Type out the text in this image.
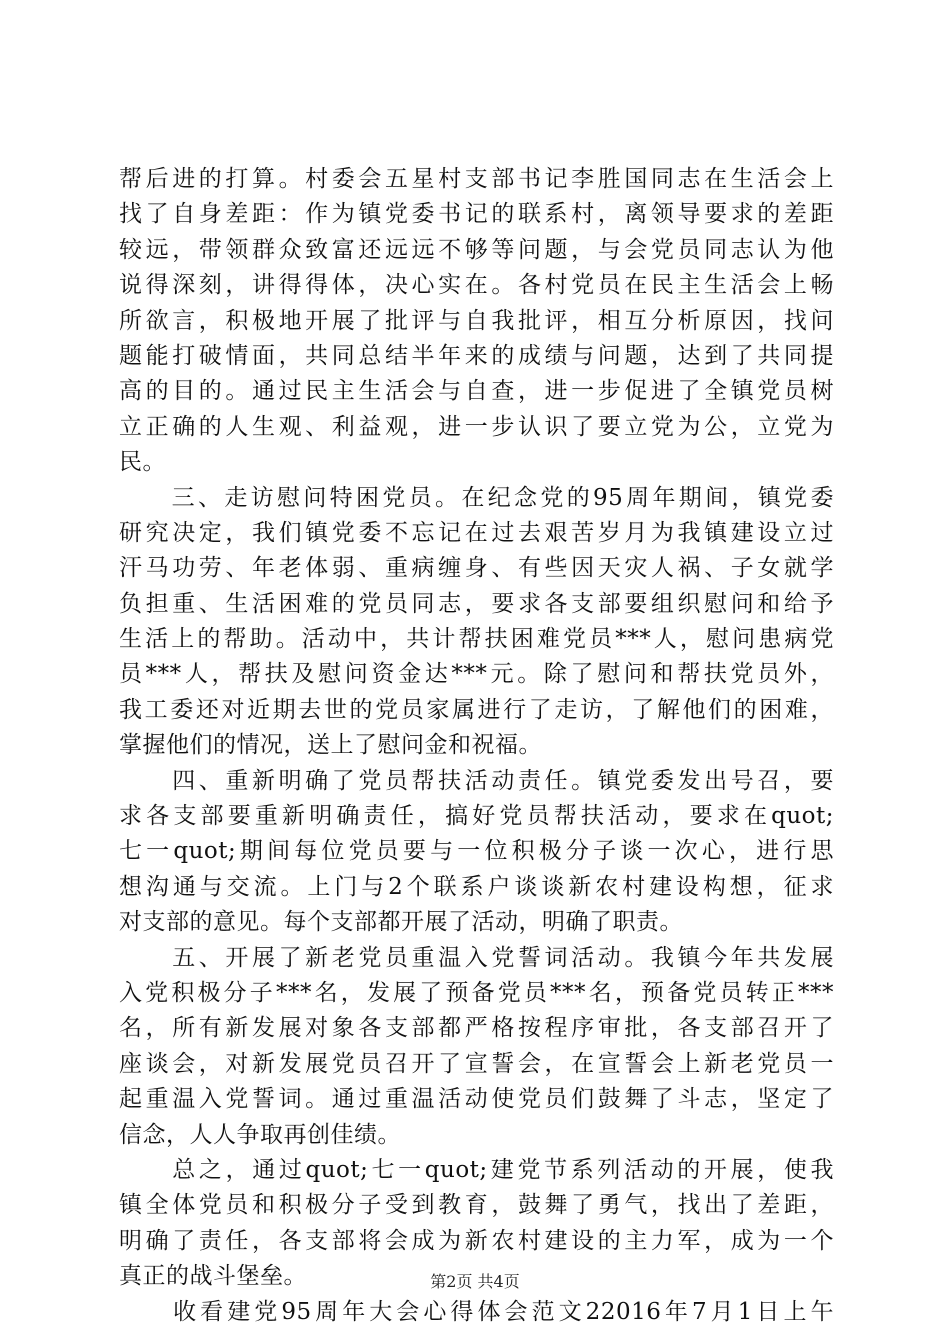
帮后进的打算。村委会五星村支部书记李胜国同志在生活会上
找了自身差距：作为镇党委书记的联系村，离领导要求的差距
较远，带领群众致富还远远不够等问题，与会党员同志认为他
说得深刻，讲得得体，决心实在。各村党员在民主生活会上畅
所欲言，积极地开展了批评与自我批评，相互分析原因，找问
题能打破情面，共同总结半年来的成绩与问题，达到了共同提
高的目的。通过民主生活会与自查，进一步促进了全镇党员树
立正确的人生观、利益观，进一步认识了要立党为公，立党为
民。
　　三、走访慰问特困党员。在纪念党的95周年期间，镇党委
研究决定，我们镇党委不忘记在过去艰苦岁月为我镇建设立过
汗马功劳、年老体弱、重病缠身、有些因天灾人祸、子女就学
负担重、生活困难的党员同志，要求各支部要组织慰问和给予
生活上的帮助。活动中，共计帮扶困难党员***人，慰问患病党
员***人，帮扶及慰问资金达***元。除了慰问和帮扶党员外，
我工委还对近期去世的党员家属进行了走访，了解他们的困难，
掌握他们的情况，送上了慰问金和祝福。
　　四、重新明确了党员帮扶活动责任。镇党委发出号召，要
求各支部要重新明确责任，搞好党员帮扶活动，要求在quot;
七一quot;期间每位党员要与一位积极分子谈一次心，进行思
想沟通与交流。上门与2个联系户谈谈新农村建设构想，征求
对支部的意见。每个支部都开展了活动，明确了职责。
　　五、开展了新老党员重温入党誓词活动。我镇今年共发展
入党积极分子***名，发展了预备党员***名，预备党员转正***
名，所有新发展对象各支部都严格按程序审批，各支部召开了
座谈会，对新发展党员召开了宣誓会，在宣誓会上新老党员一
起重温入党誓词。通过重温活动使党员们鼓舞了斗志，坚定了
信念，人人争取再创佳绩。
　　总之，通过quot;七一quot;建党节系列活动的开展，使我
镇全体党员和积极分子受到教育，鼓舞了勇气，找出了差距，
明确了责任，各支部将会成为新农村建设的主力军，成为一个
真正的战斗堡垒。
　　收看建党95周年大会心得体会范文22016年7月1日上午
第2页 共4页
